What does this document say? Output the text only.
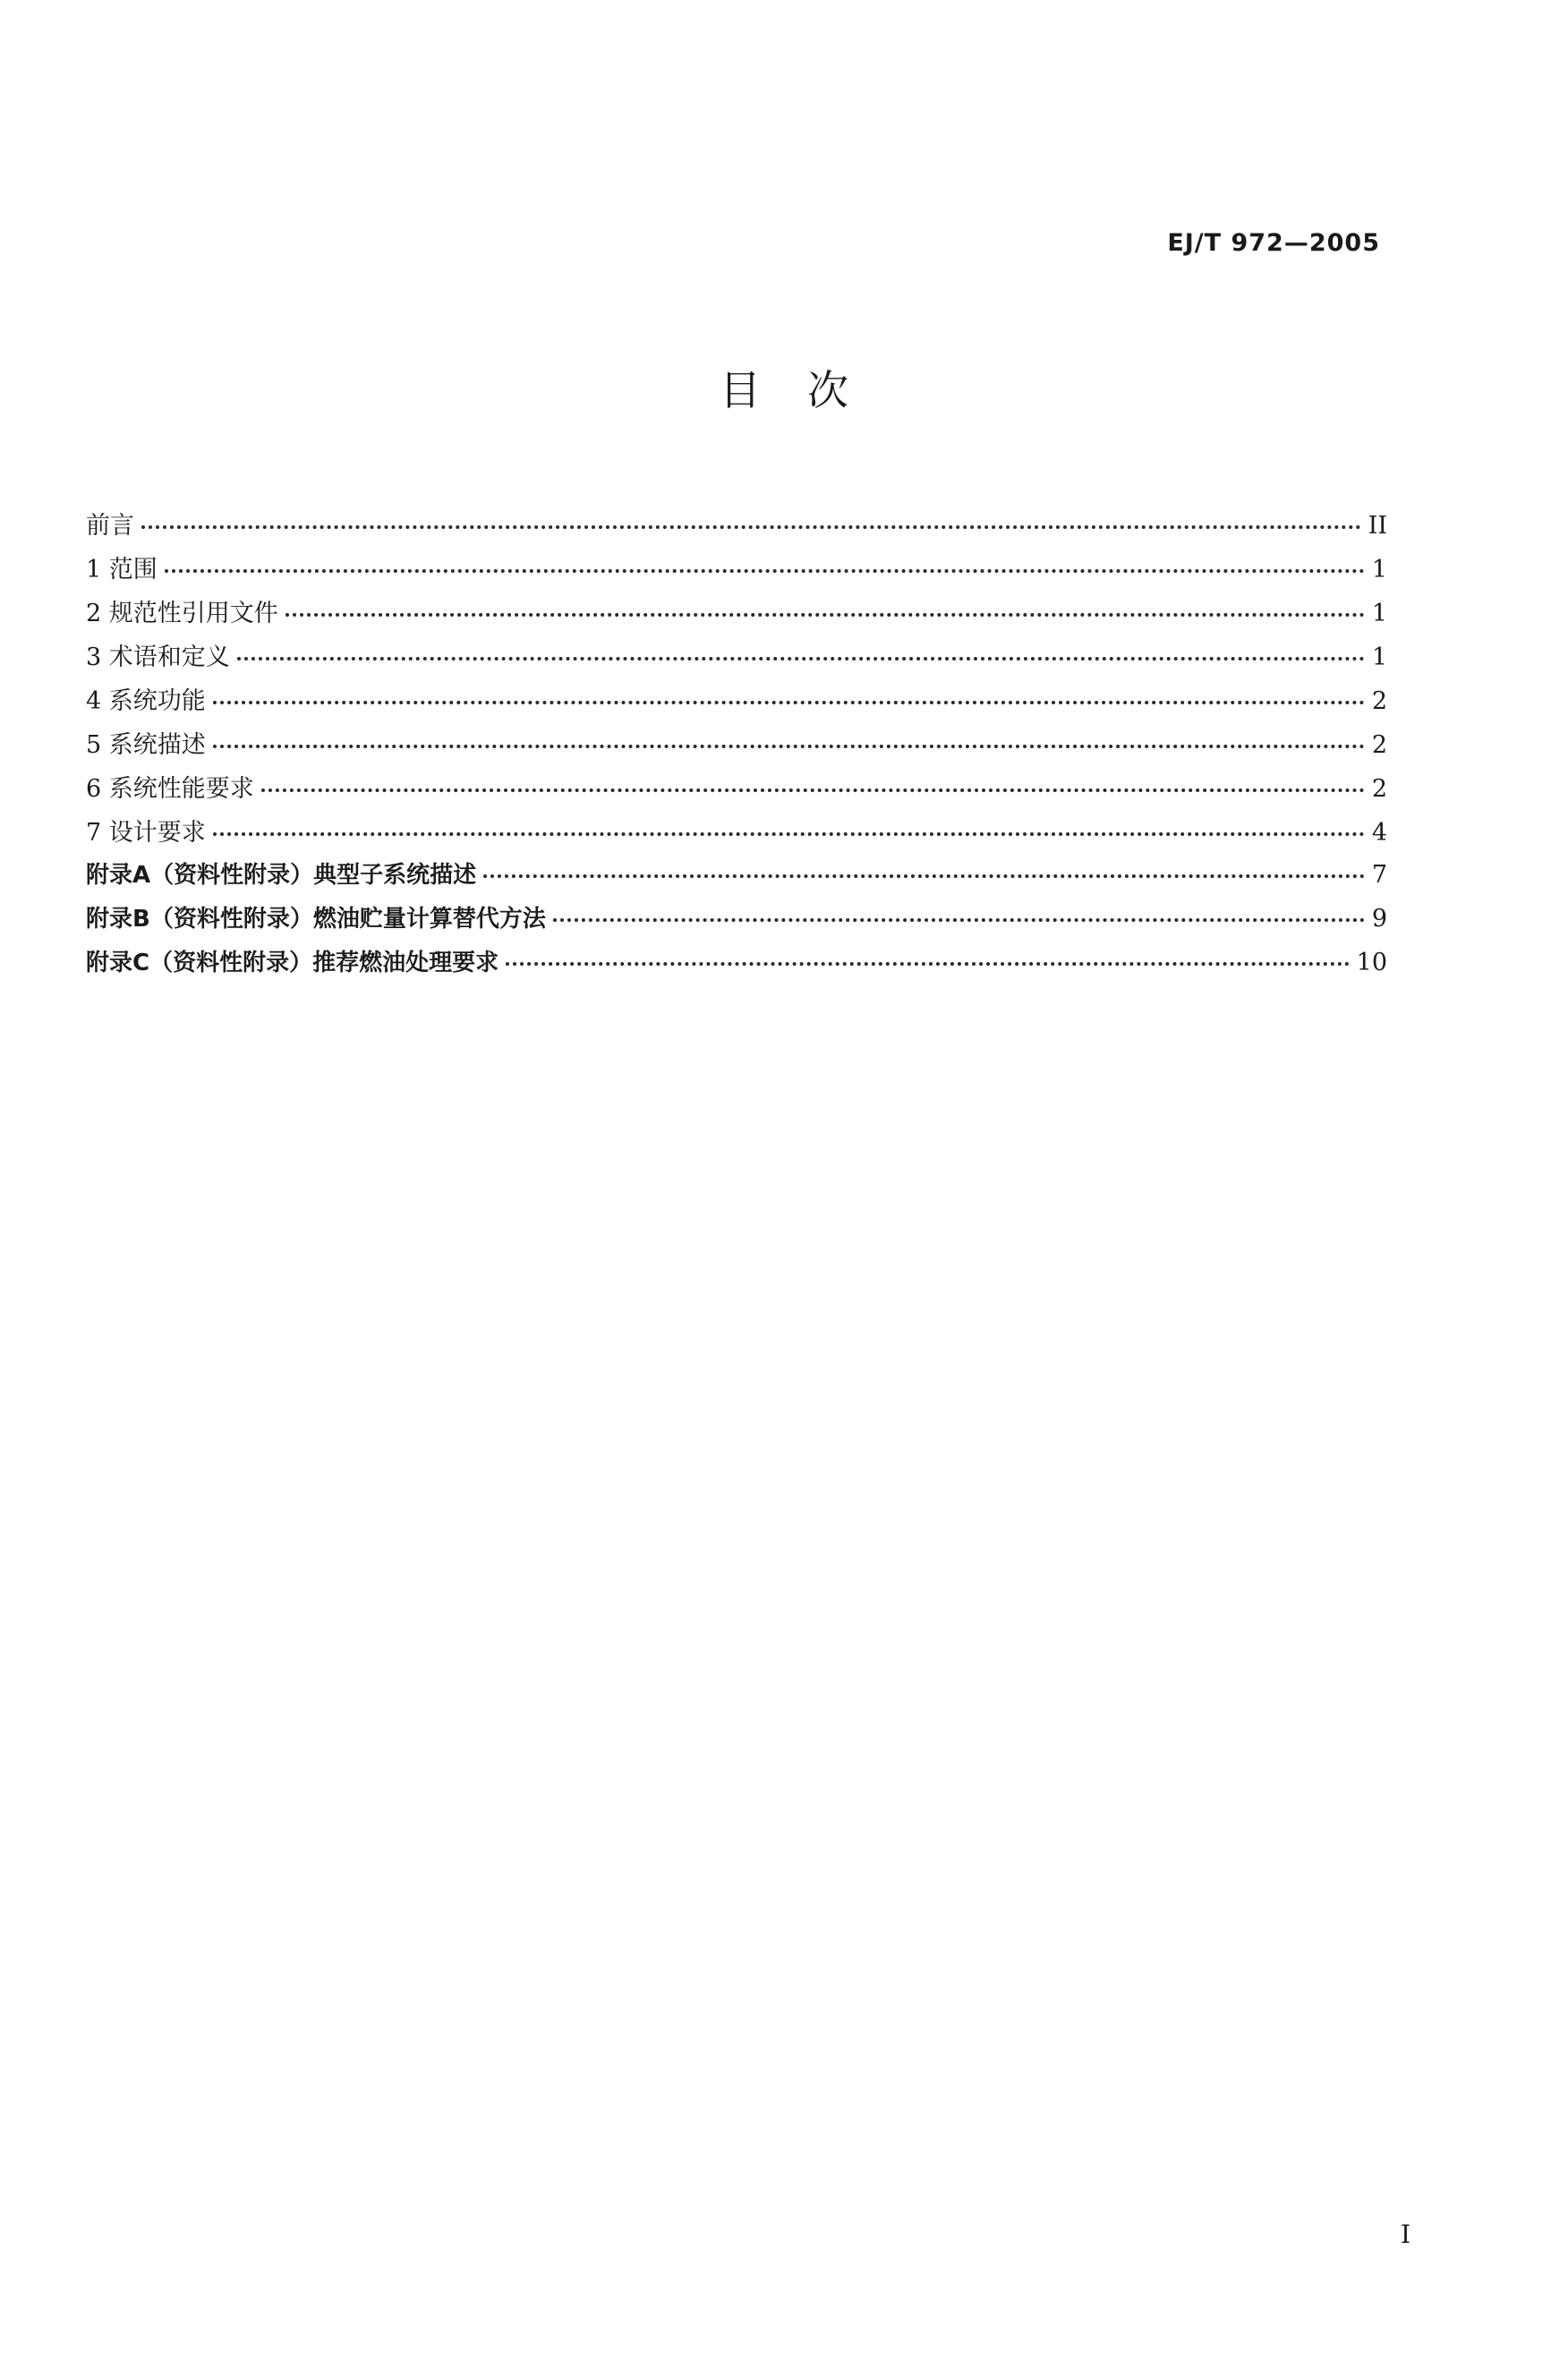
EJ/T 972—2005
目次
前言	II
1 范围	1
2 规范性引用文件	1
3 术语和定义	1
4 系统功能	2
5 系统描述	2
6 系统性能要求	2
7 设计要求	4
附录A（资料性附录）典型子系统描述	7
附录B（资料性附录）燃油贮量计算替代方法	9
附录C（资料性附录）推荐燃油处理要求	10
I
